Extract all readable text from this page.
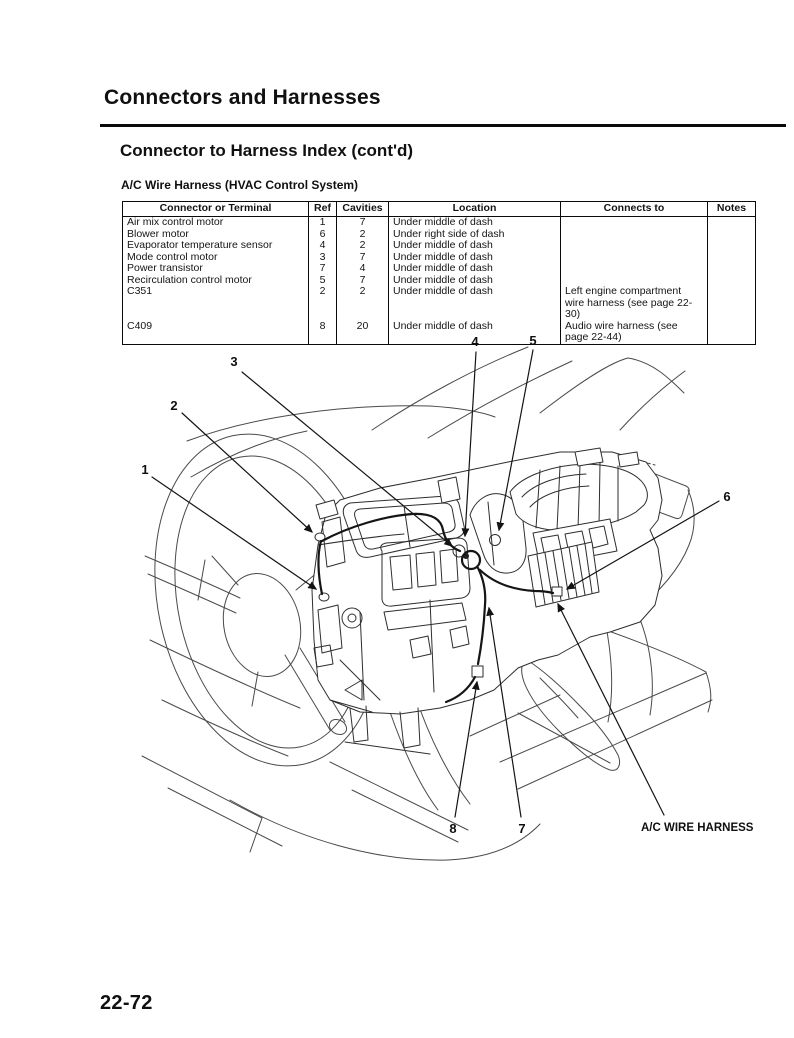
Connectors and Harnesses
Connector to Harness Index (cont'd)
A/C Wire Harness (HVAC Control System)
Connector or Terminal	Ref	Cavities	Location	Connects to	Notes
Air mix control motor	1	7	Under middle of dash		
Blower motor	6	2	Under right side of dash		
Evaporator temperature sensor	4	2	Under middle of dash		
Mode control motor	3	7	Under middle of dash		
Power transistor	7	4	Under middle of dash		
Recirculation control motor	5	7	Under middle of dash		
C351	2	2	Under middle of dash	Left engine compartment wire harness (see page 22-30)	
C409	8	20	Under middle of dash	Audio wire harness (see page 22-44)	
1
2
3
4	5
6
7
8	A/C WIRE HARNESS
22-72
